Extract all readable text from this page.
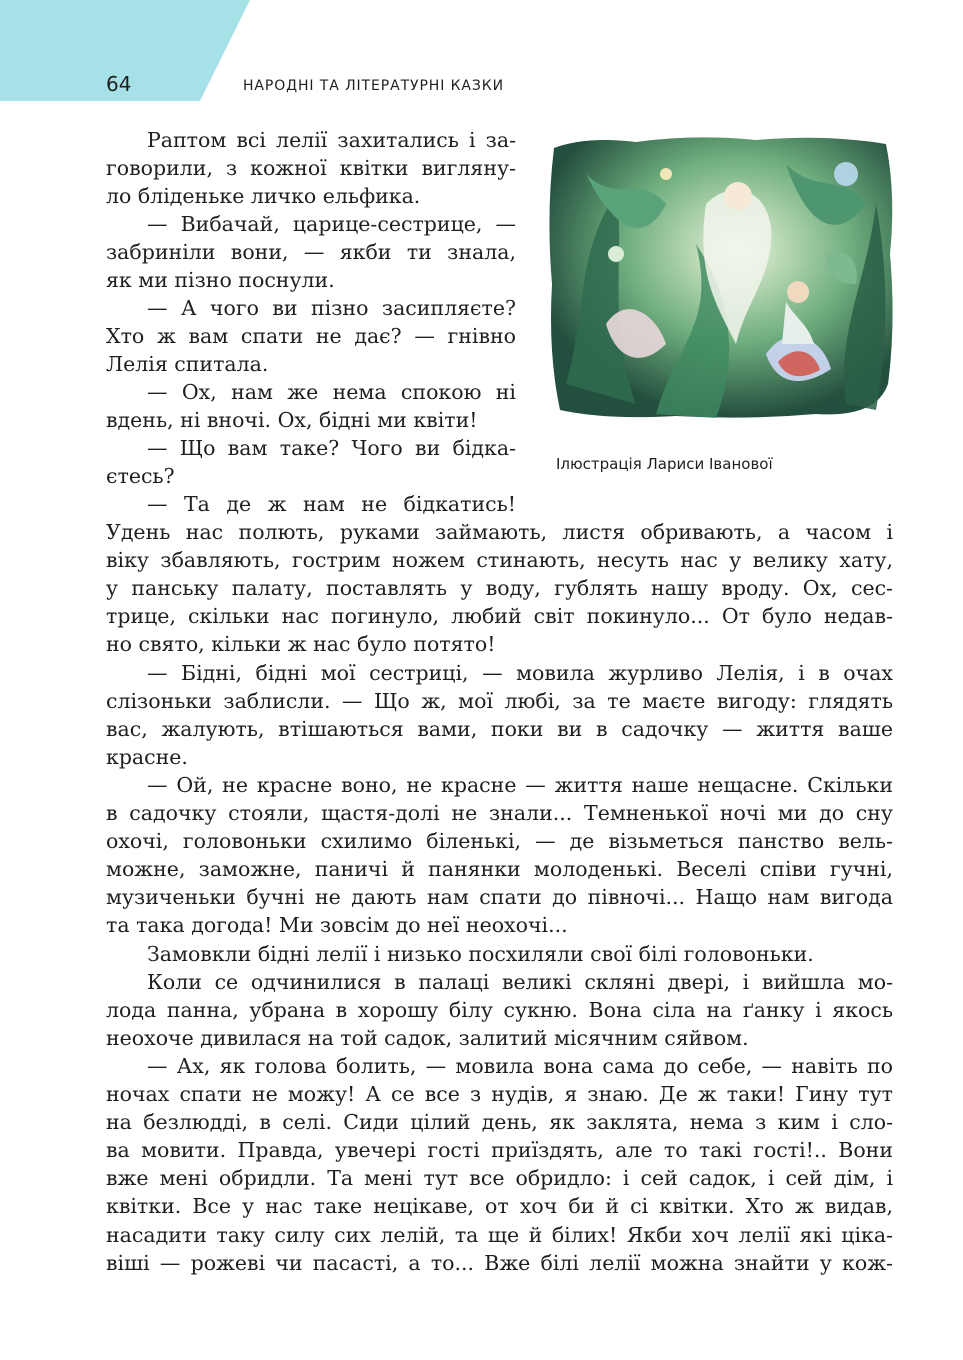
64	НАРОДНІ ТА ЛІТЕРАТУРНІ КАЗКИ
Ілюстрація Лариси Іванової
Раптом всі лелії захитались і за-
говорили, з кожної квітки вигляну-
ло бліденьке личко ельфика.
— Вибачай, царице-сестрице, —
забриніли вони, — якби ти знала,
як ми пізно поснули.
— А чого ви пізно засипляєте?
Хто ж вам спати не дає? — гнівно
Лелія спитала.
— Ох, нам же нема спокою ні
вдень, ні вночі. Ох, бідні ми квіти!
— Що вам таке? Чого ви бідка-
єтесь?
— Та де ж нам не бідкатись!
Удень нас полють, руками займають, листя обривають, а часом і
віку збавляють, гострим ножем стинають, несуть нас у велику хату,
у панську палату, поставлять у воду, гублять нашу вроду. Ох, сес-
трице, скільки нас погинуло, любий світ покинуло... От було недав-
но свято, кільки ж нас було потято!
— Бідні, бідні мої сестриці, — мовила журливо Лелія, і в очах
слізоньки заблисли. — Що ж, мої любі, за те маєте вигоду: глядять
вас, жалують, втішаються вами, поки ви в садочку — життя ваше
красне.
— Ой, не красне воно, не красне — життя наше нещасне. Скільки
в садочку стояли, щастя-долі не знали... Темненької ночі ми до сну
охочі, головоньки схилимо біленькі, — де візьметься панство вель-
можне, заможне, паничі й панянки молоденькі. Веселі співи гучні,
музиченьки бучні не дають нам спати до півночі... Нащо нам вигода
та така догода! Ми зовсім до неї неохочі...
Замовкли бідні лелії і низько посхиляли свої білі головоньки.
Коли се одчинилися в палаці великі скляні двері, і вийшла мо-
лода панна, убрана в хорошу білу сукню. Вона сіла на ґанку і якось
неохоче дивилася на той садок, залитий місячним сяйвом.
— Ах, як голова болить, — мовила вона сама до себе, — навіть по
ночах спати не можу! А се все з нудів, я знаю. Де ж таки! Гину тут
на безлюдді, в селі. Сиди цілий день, як заклята, нема з ким і сло-
ва мовити. Правда, увечері гості приїздять, але то такі гості!.. Вони
вже мені обридли. Та мені тут все обридло: і сей садок, і сей дім, і
квітки. Все у нас таке нецікаве, от хоч би й сі квітки. Хто ж видав,
насадити таку силу сих лелій, та ще й білих! Якби хоч лелії які ціка-
віші — рожеві чи пасасті, а то... Вже білі лелії можна знайти у кож-
